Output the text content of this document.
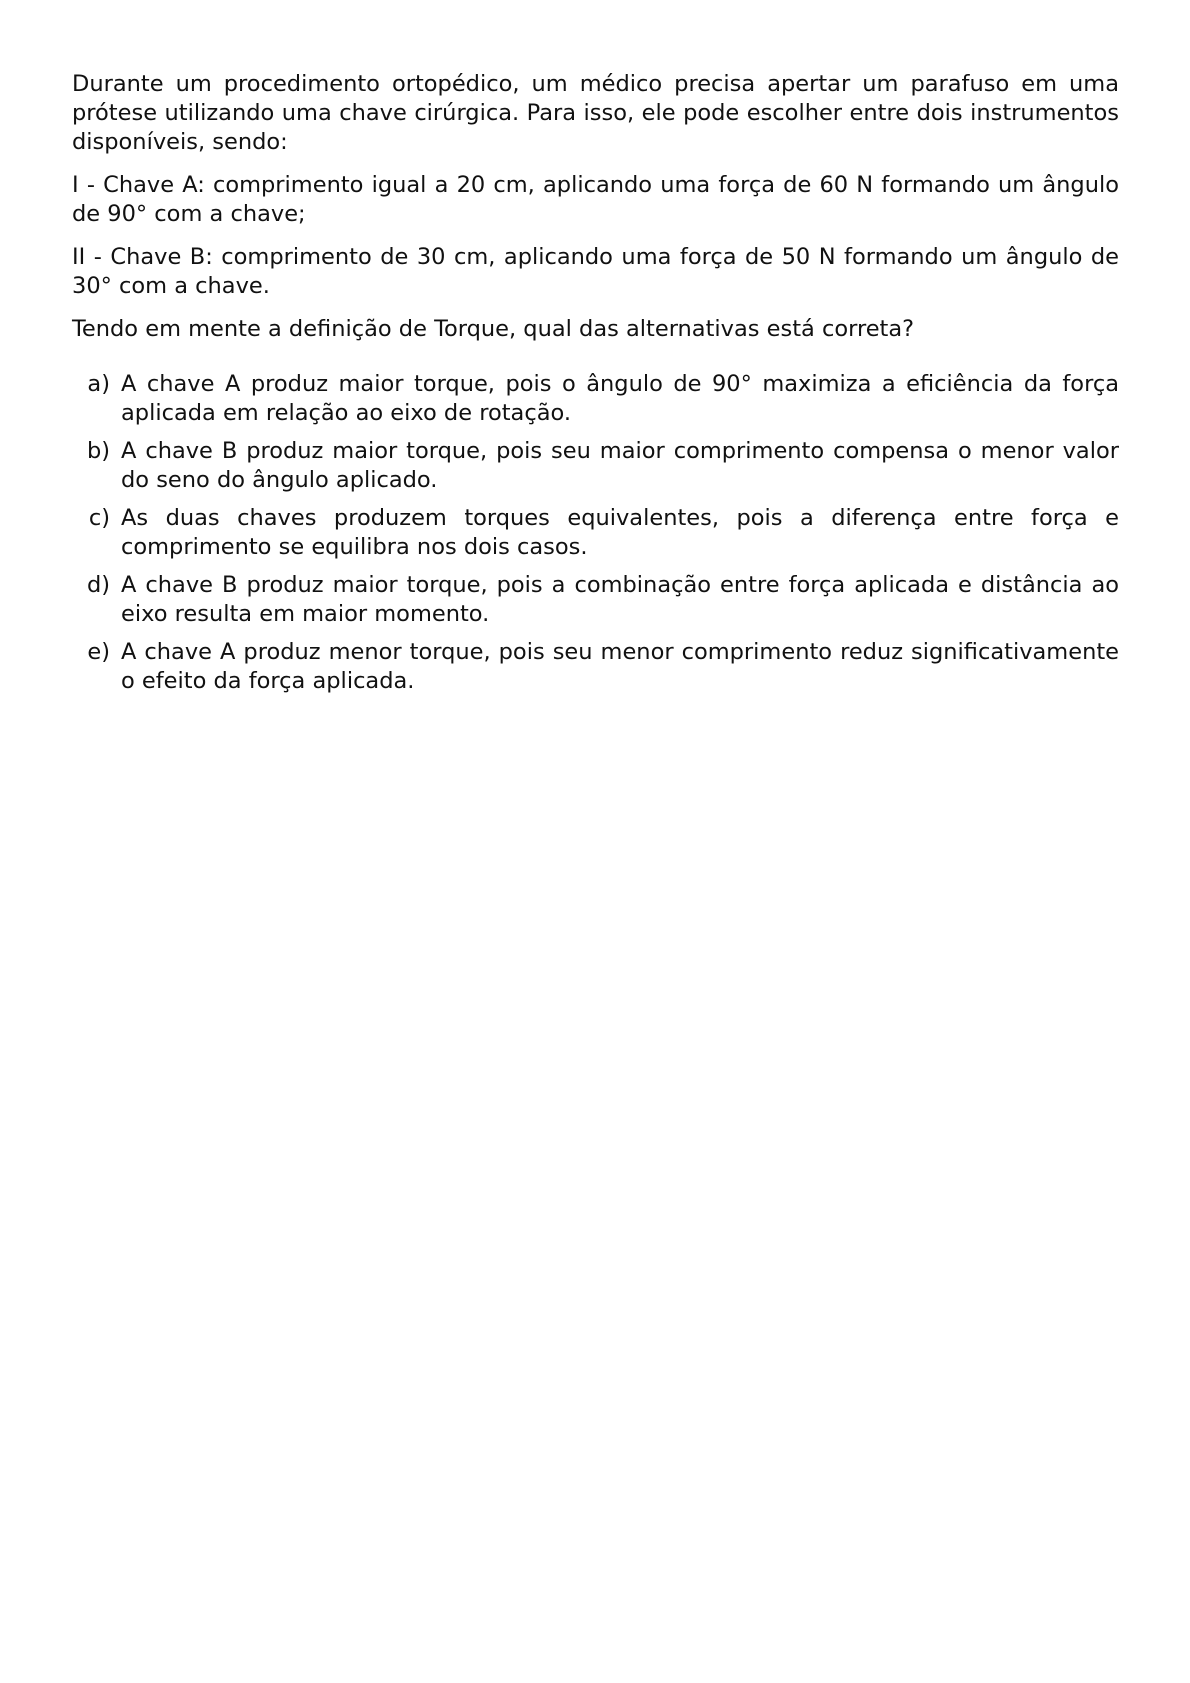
Durante um procedimento ortopédico, um médico precisa apertar um parafuso em uma prótese utilizando uma chave cirúrgica. Para isso, ele pode escolher entre dois instrumentos disponíveis, sendo:

I - Chave A: comprimento igual a 20 cm, aplicando uma força de 60 N formando um ângulo de 90° com a chave;

II - Chave B: comprimento de 30 cm, aplicando uma força de 50 N formando um ângulo de 30° com a chave.

Tendo em mente a definição de Torque, qual das alternativas está correta?

a) A chave A produz maior torque, pois o ângulo de 90° maximiza a eficiência da força aplicada em relação ao eixo de rotação.
b) A chave B produz maior torque, pois seu maior comprimento compensa o menor valor do seno do ângulo aplicado.
c) As duas chaves produzem torques equivalentes, pois a diferença entre força e comprimento se equilibra nos dois casos.
d) A chave B produz maior torque, pois a combinação entre força aplicada e distância ao eixo resulta em maior momento.
e) A chave A produz menor torque, pois seu menor comprimento reduz significativamente o efeito da força aplicada.
